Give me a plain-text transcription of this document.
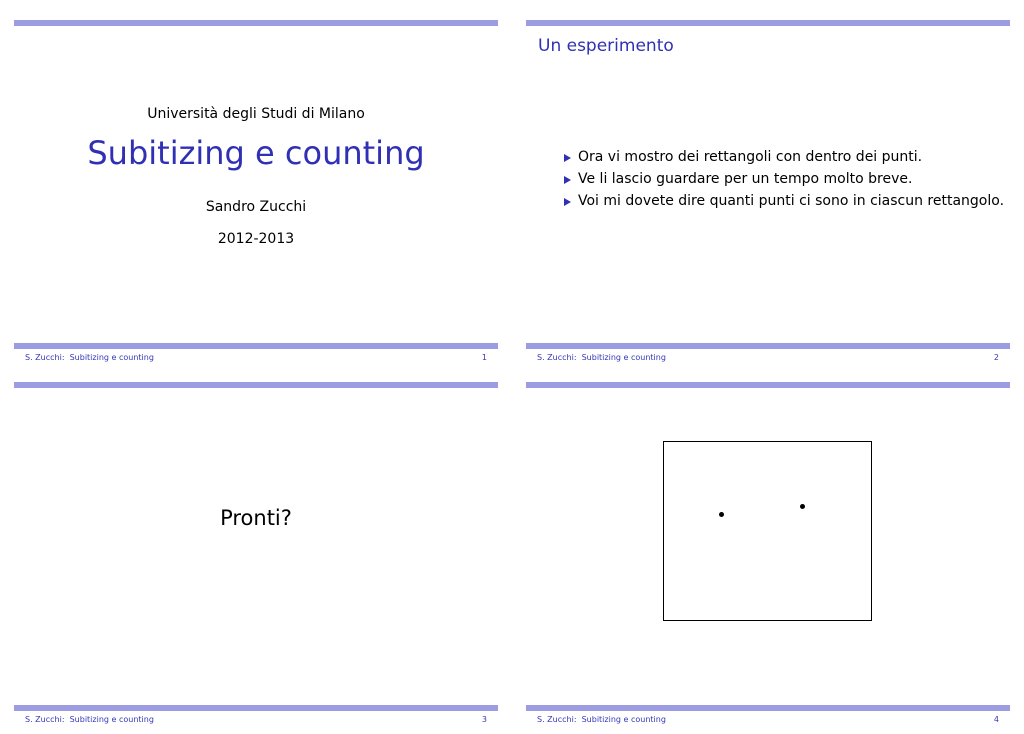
Università degli Studi di Milano
Subitizing e counting
Sandro Zucchi
2012-2013
S. Zucchi:  Subitizing e counting	1
Un esperimento
Ora vi mostro dei rettangoli con dentro dei punti.
Ve li lascio guardare per un tempo molto breve.
Voi mi dovete dire quanti punti ci sono in ciascun rettangolo.
S. Zucchi:  Subitizing e counting	2
Pronti?
S. Zucchi:  Subitizing e counting	3	S. Zucchi:  Subitizing e counting	4
